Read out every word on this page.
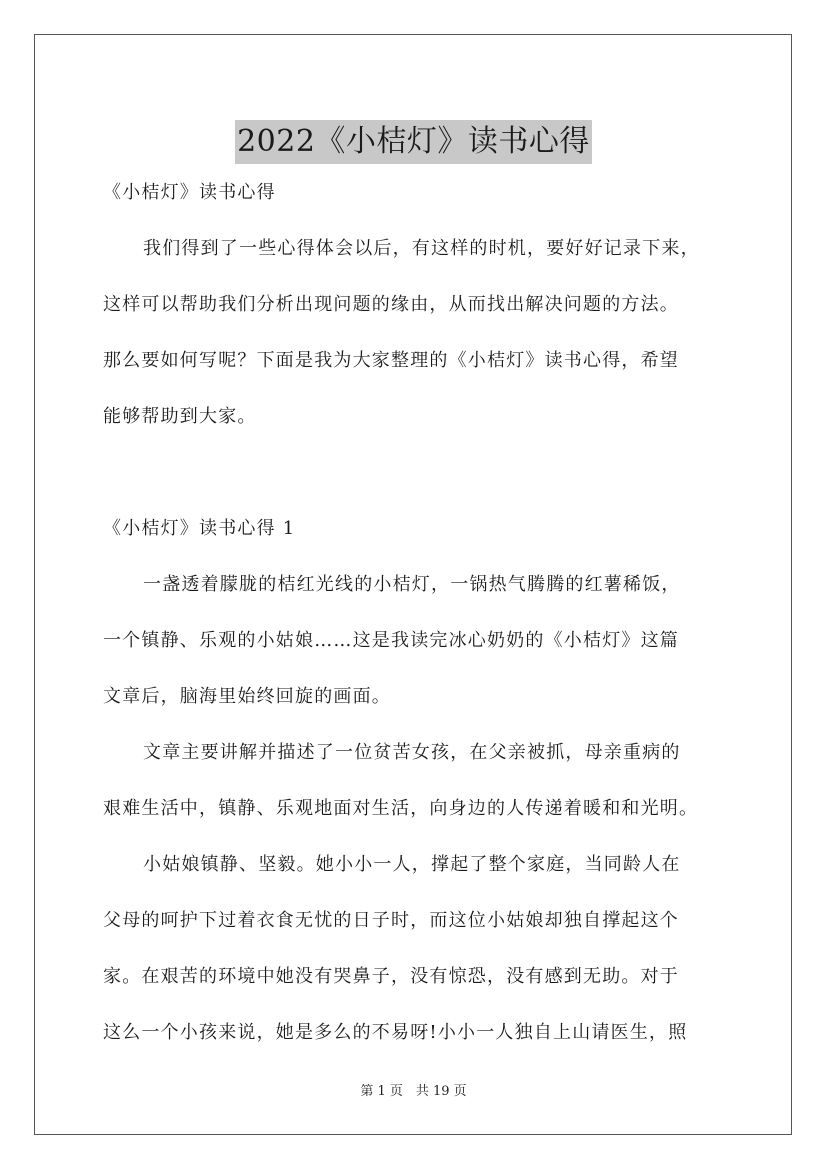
2022《小桔灯》读书心得
《小桔灯》读书心得
我们得到了一些心得体会以后，有这样的时机，要好好记录下来，
这样可以帮助我们分析出现问题的缘由，从而找出解决问题的方法。
那么要如何写呢？下面是我为大家整理的《小桔灯》读书心得，希望
能够帮助到大家。
《小桔灯》读书心得 1
一盏透着朦胧的桔红光线的小桔灯，一锅热气腾腾的红薯稀饭，
一个镇静、乐观的小姑娘……这是我读完冰心奶奶的《小桔灯》这篇
文章后，脑海里始终回旋的画面。
文章主要讲解并描述了一位贫苦女孩，在父亲被抓，母亲重病的
艰难生活中，镇静、乐观地面对生活，向身边的人传递着暖和和光明。
小姑娘镇静、坚毅。她小小一人，撑起了整个家庭，当同龄人在
父母的呵护下过着衣食无忧的日子时，而这位小姑娘却独自撑起这个
家。在艰苦的环境中她没有哭鼻子，没有惊恐，没有感到无助。对于
这么一个小孩来说，她是多么的不易呀!小小一人独自上山请医生，照
第 1 页　共 19 页
